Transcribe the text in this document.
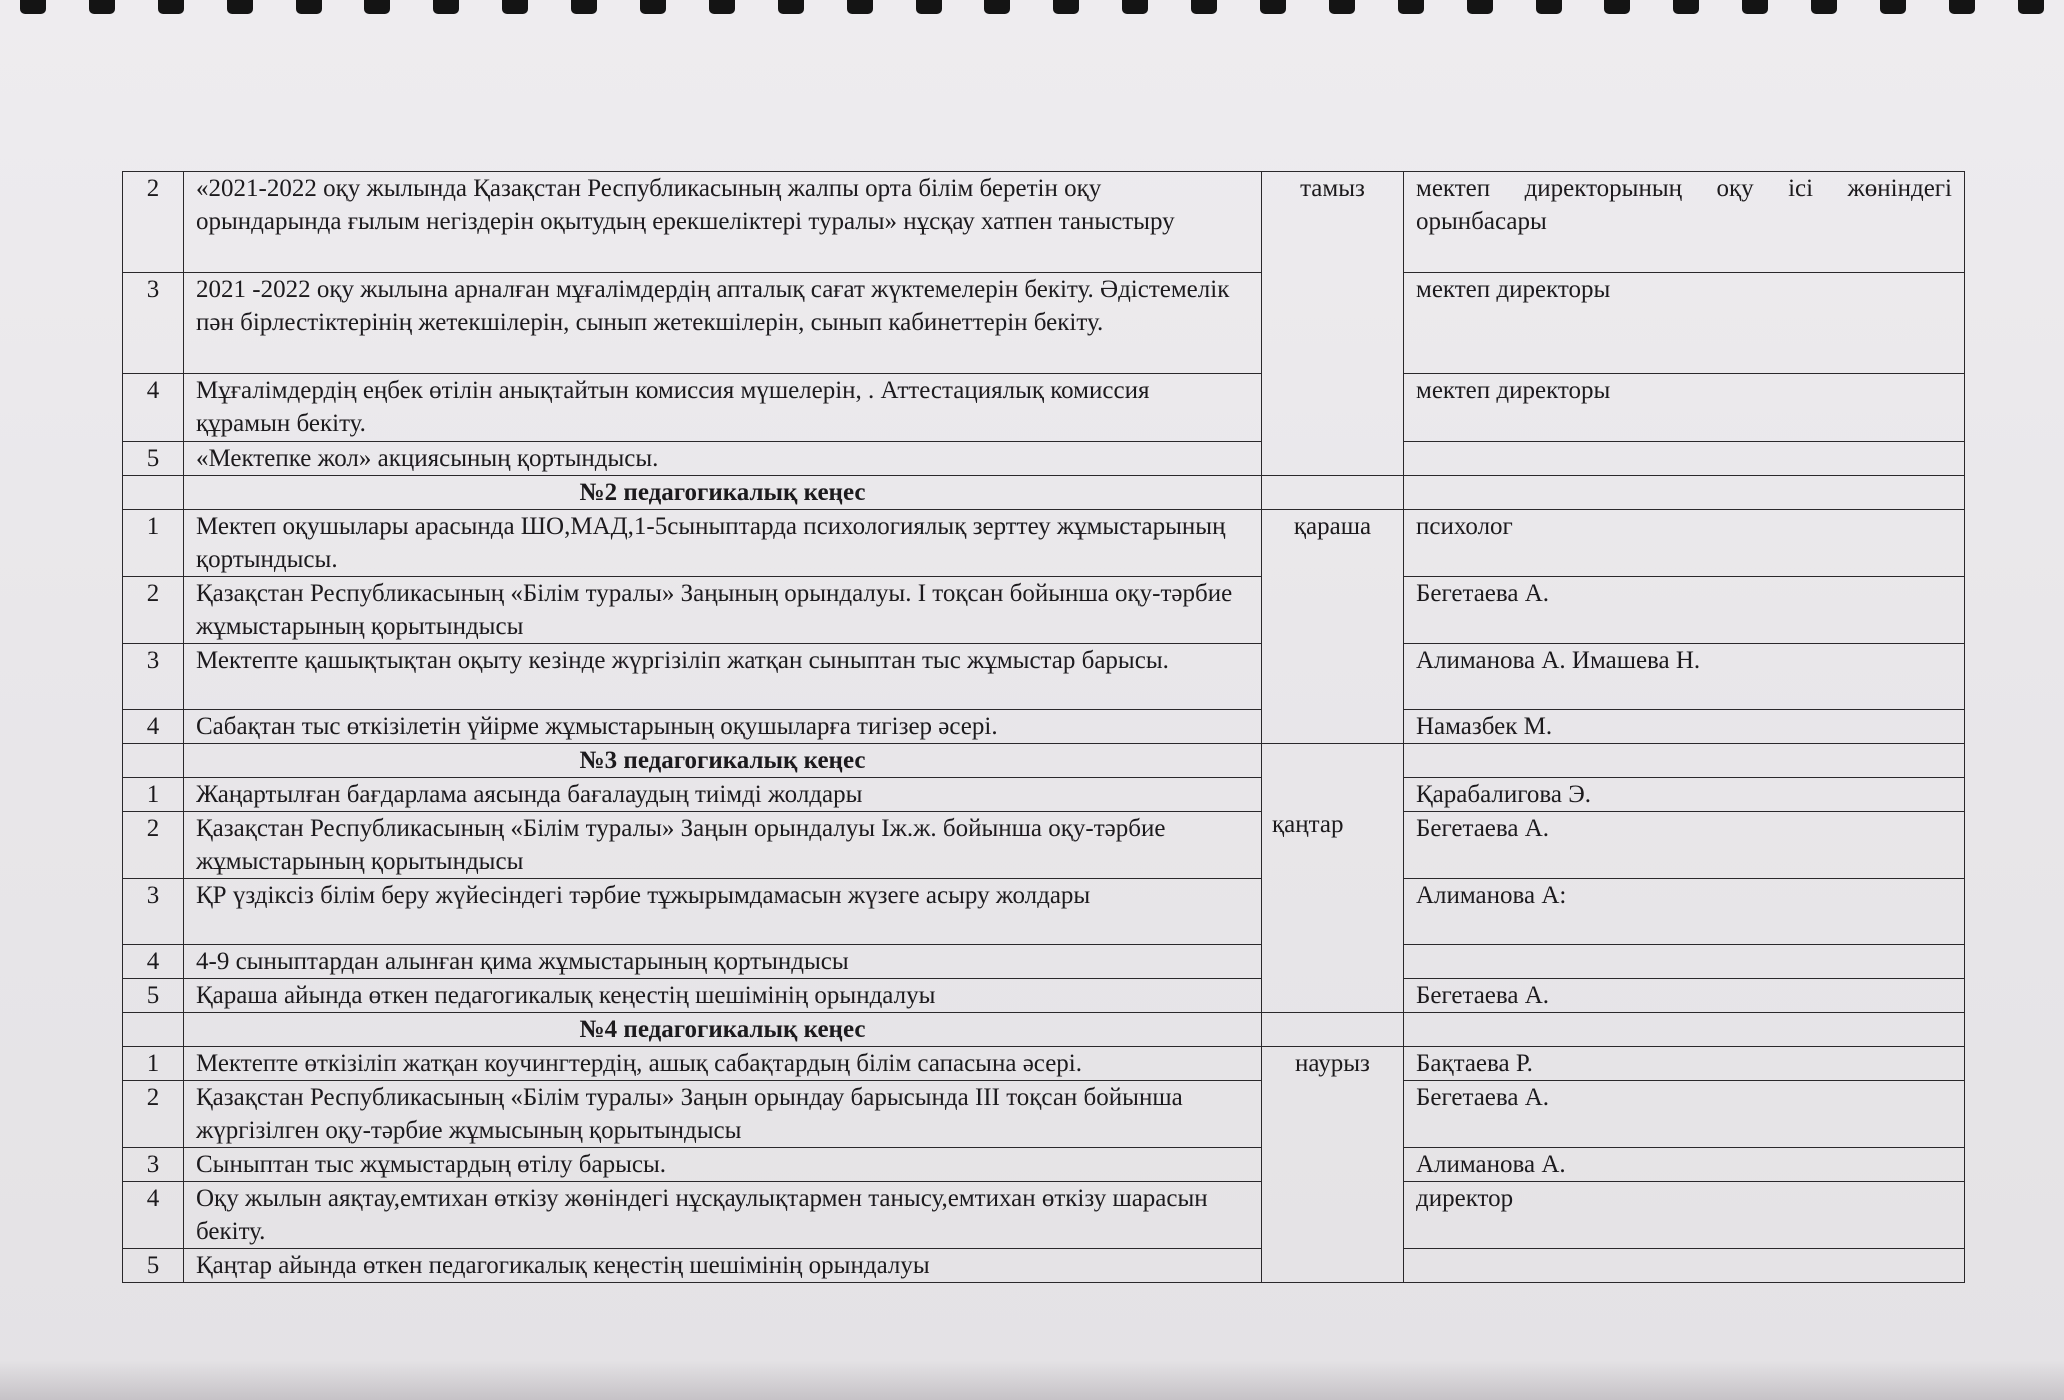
2	«2021-2022 оқу жылында Қазақстан Республикасының жалпы орта білім беретін оқу орындарында ғылым негіздерін оқытудың ерекшеліктері туралы» нұсқау хатпен таныстыру	тамыз	мектеп директорының оқу ісі жөніндегі орынбасары
3	2021 -2022 оқу жылына арналған мұғалімдердің апталық сағат жүктемелерін бекіту. Әдістемелік пән бірлестіктерінің жетекшілерін, сынып жетекшілерін, сынып кабинеттерін бекіту.		мектеп директоры
4	Мұғалімдердің еңбек өтілін анықтайтын комиссия мүшелерін, . Аттестациялық комиссия құрамын бекіту.		мектеп директоры
5	«Мектепке жол» акциясының қортындысы.		
	№2 педагогикалық кеңес		
1	Мектеп оқушылары арасында ШО,МАД,1-5сыныптарда психологиялық зерттеу жұмыстарының қортындысы.	қараша	психолог
2	Қазақстан Республикасының «Білім туралы» Заңының орындалуы. І тоқсан бойынша оқу-тәрбие жұмыстарының қорытындысы		Бегетаева А.
3	Мектепте қашықтықтан оқыту кезінде жүргізіліп жатқан сыныптан тыс жұмыстар барысы.		Алиманова А. Имашева Н.
4	Сабақтан тыс өткізілетін үйірме жұмыстарының оқушыларға тигізер әсері.		Намазбек М.
	№3 педагогикалық кеңес	қаңтар	
1	Жаңартылған бағдарлама аясында бағалаудың тиімді жолдары		Қарабалигова Э.
2	Қазақстан Республикасының «Білім туралы» Заңын орындалуы Іж.ж. бойынша оқу-тәрбие жұмыстарының қорытындысы		Бегетаева А.
3	ҚР үздіксіз білім беру жүйесіндегі тәрбие тұжырымдамасын жүзеге асыру жолдары		Алиманова А:
4	4-9 сыныптардан алынған қима жұмыстарының қортындысы		
5	Қараша айында өткен педагогикалық кеңестің шешімінің орындалуы		Бегетаева А.
	№4 педагогикалық кеңес		
1	Мектепте өткізіліп жатқан коучингтердің, ашық сабақтардың білім сапасына әсері.	наурыз	Бақтаева Р.
2	Қазақстан Республикасының «Білім туралы» Заңын орындау барысында ІІІ тоқсан бойынша жүргізілген оқу-тәрбие жұмысының қорытындысы		Бегетаева А.
3	Сыныптан тыс жұмыстардың өтілу барысы.		Алиманова А.
4	Оқу жылын аяқтау,емтихан өткізу жөніндегі нұсқаулықтармен танысу,емтихан өткізу шарасын бекіту.		директор
5	Қаңтар айында өткен педагогикалық кеңестің шешімінің орындалуы		
